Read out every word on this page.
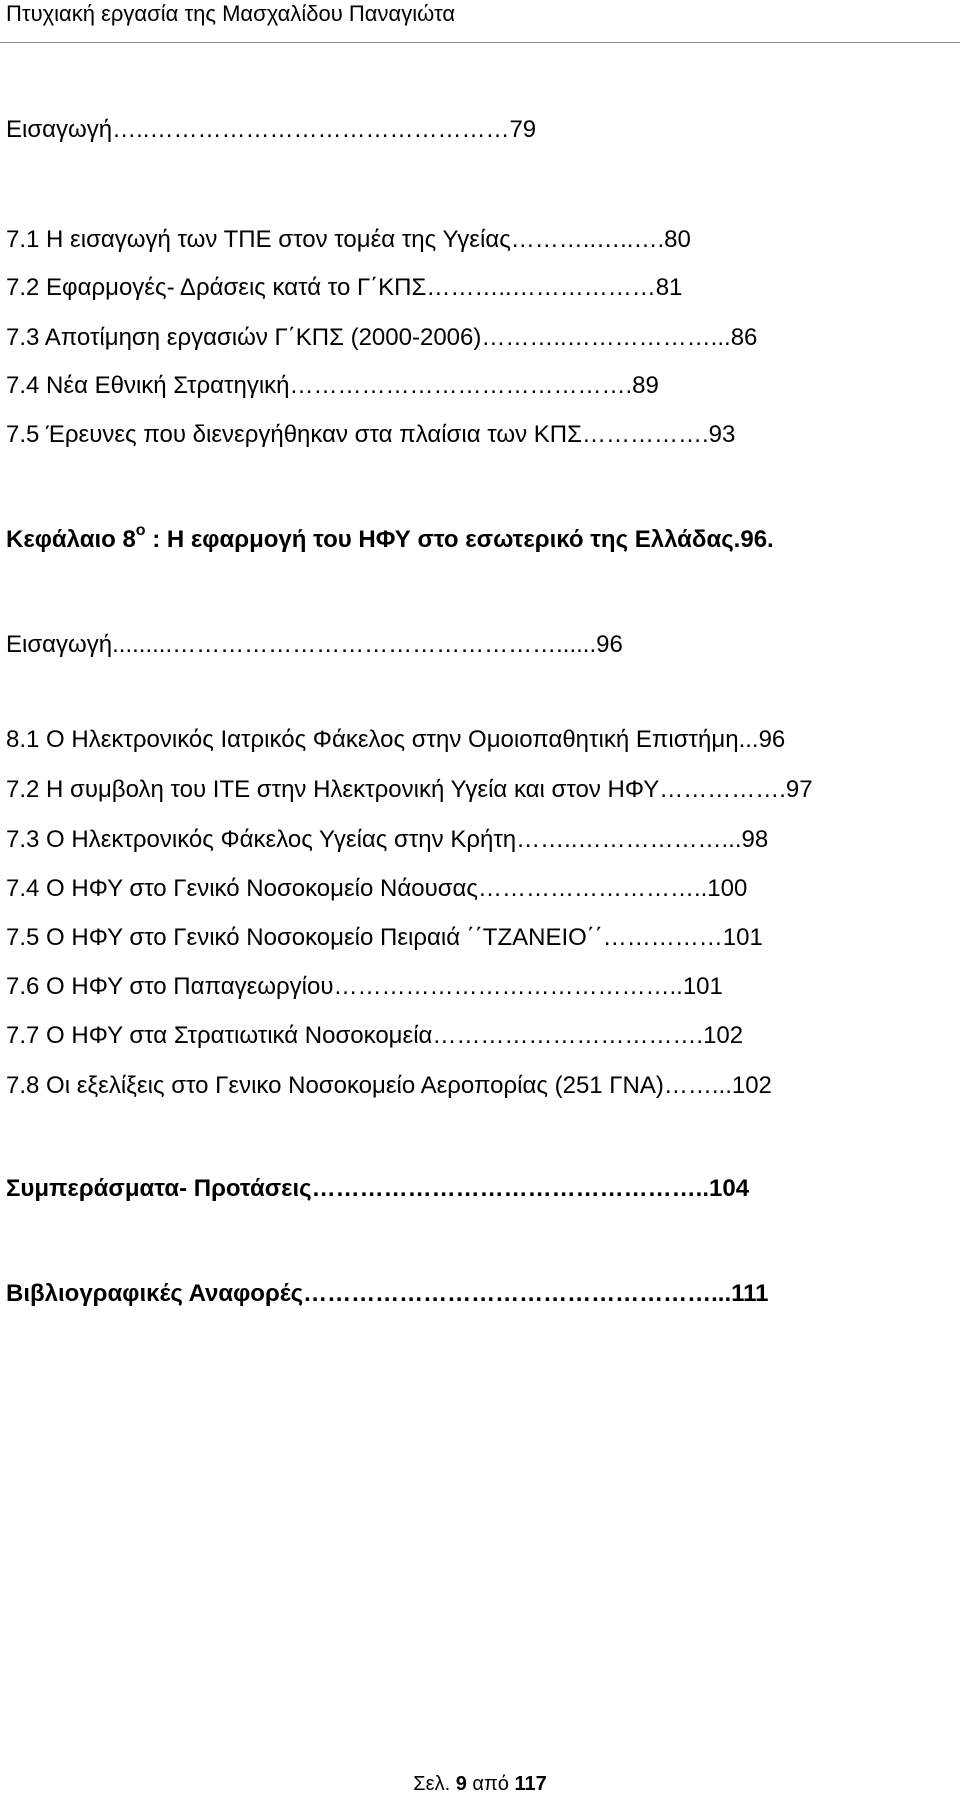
Πτυχιακή εργασία της Μασχαλίδου Παναγιώτα
Εισαγωγή…..………………………………………79
7.1 Η εισαγωγή των ΤΠΕ στον τομέα της Υγείας………..…..….80
7.2 Εφαρμογές- Δράσεις κατά το Γ΄ΚΠΣ………..………………81
7.3 Αποτίμηση εργασιών Γ΄ΚΠΣ (2000-2006)………..………………...86
7.4 Νέα Εθνική Στρατηγική…………………………………….89
7.5 Έρευνες που διενεργήθηκαν στα πλαίσια των ΚΠΣ…………….93
Κεφάλαιο $8^o$ : Η εφαρμογή του ΗΦΥ στο εσωτερικό της Ελλάδας.96.
Εισαγωγή.........…………………………………………......96
8.1 Ο Ηλεκτρονικός Ιατρικός Φάκελος στην Ομοιοπαθητική Επιστήμη...96
7.2 Η συμβολη του ΙΤΕ στην Ηλεκτρονική Υγεία και στον ΗΦΥ…………….97
7.3 Ο Ηλεκτρονικός Φάκελος Υγείας στην Κρήτη……..………………...98
7.4 Ο ΗΦΥ στο Γενικό Νοσοκομείο Νάουσας………………………..100
7.5 Ο ΗΦΥ στο Γενικό Νοσοκομείο Πειραιά ΄΄ΤΖΑΝΕΙΟ΄΄……………101
7.6 Ο ΗΦΥ στο Παπαγεωργίου……………………………………..101
7.7 Ο ΗΦΥ στα Στρατιωτικά Νοσοκομεία…………………………….102
7.8 Οι εξελίξεις στο Γενικο Νοσοκομείο Αεροπορίας (251 ΓΝΑ)……...102
Συμπεράσματα- Προτάσεις…………………………………………..104
Βιβλιογραφικές Αναφορές……………………………………………...111
Σελ. 9 από 117
